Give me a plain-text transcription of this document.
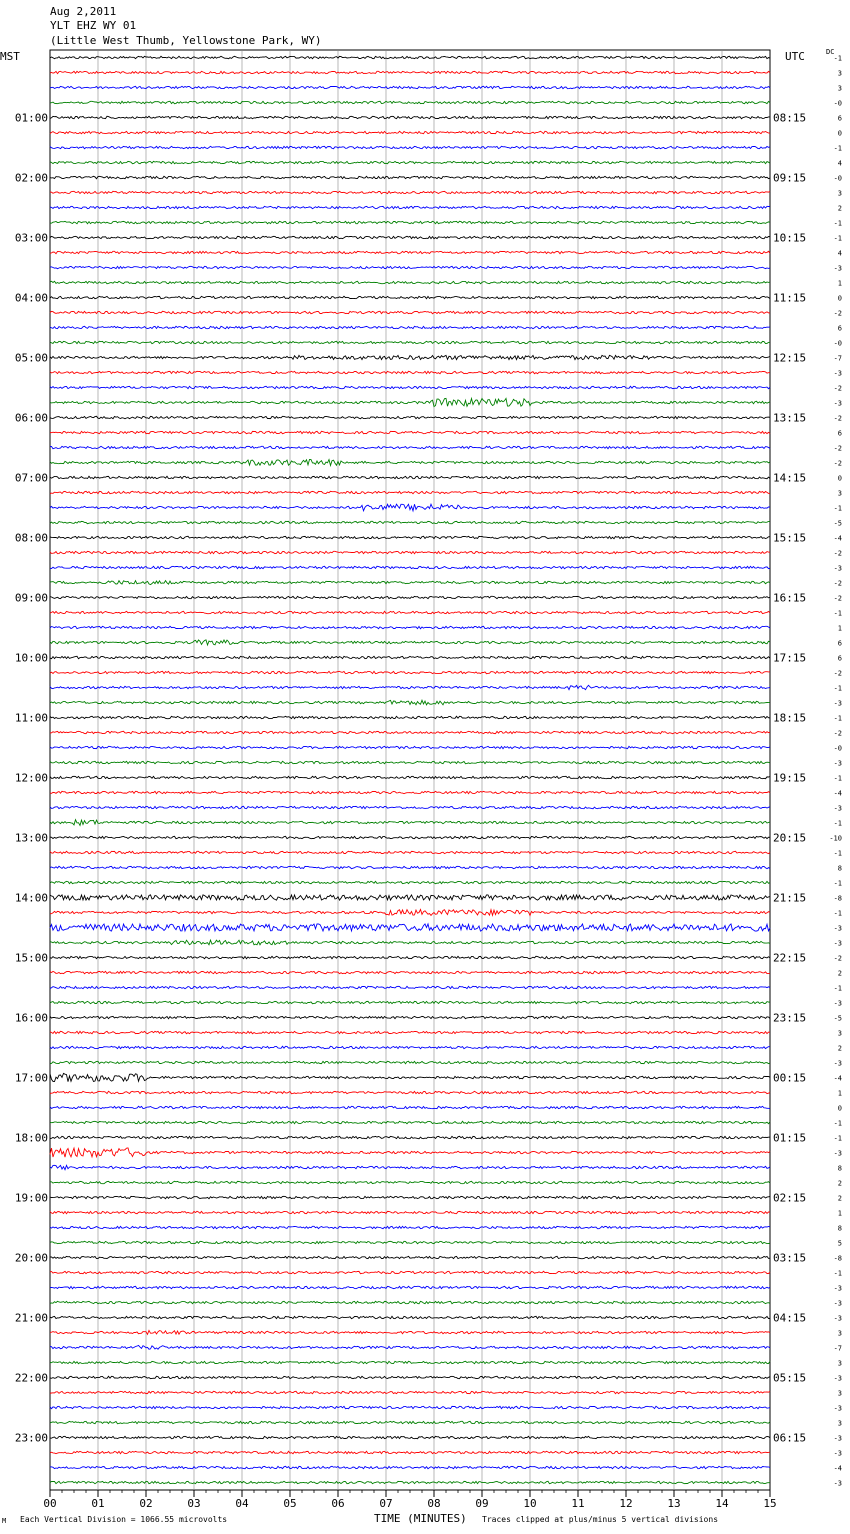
Aug 2,2011
YLT EHZ WY 01
(Little West Thumb, Yellowstone Park, WY)
MST	UTC	DC
00	01	02	03	04	05	06	07	08	09	10	11	12	13	14	15
-1
3
3
-0
6
0
-1
4
-0
3
2
-1
-1
4
-3
1
0
-2
6
-0
-7
-3
-2
-3
-2
6
-2
-2
0
3
-1
-5
-4
-2
-3
-2
-2
-1
1
6
6
-2
-1
-3
-1
-2
-0
-3
-1
-4
-3
-1
-10
-1
8
-1
-8
-1
-3
-3
-2
2
-1
-3
-5
3
2
-3
-4
1
0
-1
-1
-3
8
2
2
1
8
5
-8
-1
-3
-3
-3
3
-7
3
-3
3
-3
3
-3
-3
-4
-3
01:00	08:15
02:00	09:15
03:00	10:15
04:00	11:15
05:00	12:15
06:00	13:15
07:00	14:15
08:00	15:15
09:00	16:15
10:00	17:15
11:00	18:15
12:00	19:15
13:00	20:15
14:00	21:15
15:00	22:15
16:00	23:15
17:00	00:15
18:00	01:15
19:00	02:15
20:00	03:15
21:00	04:15
22:00	05:15
23:00	06:15
M Each Vertical Division = 1066.55 microvolts	TIME (MINUTES) Traces clipped at plus/minus 5 vertical divisions
